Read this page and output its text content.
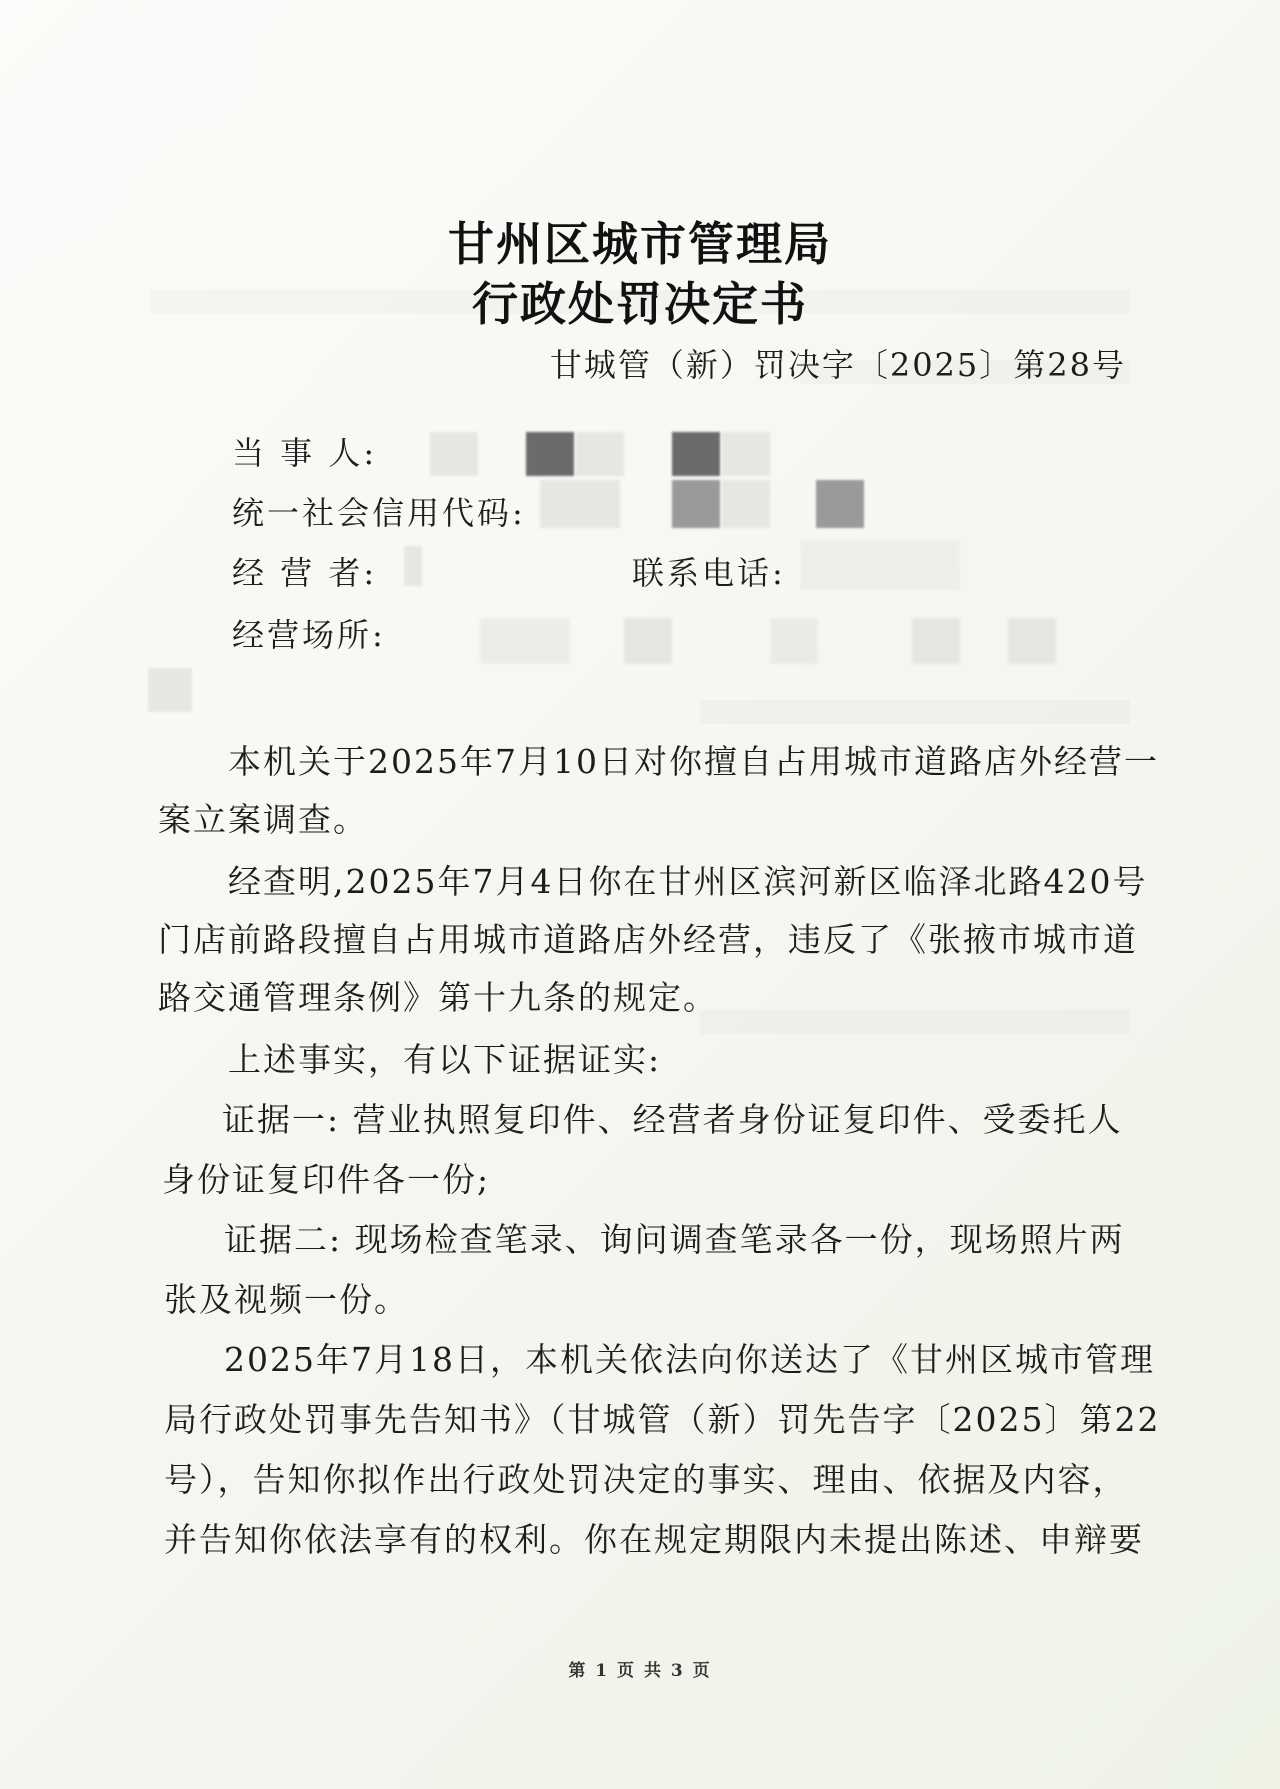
甘州区城市管理局
行政处罚决定书
甘城管（新）罚决字〔2025〕第28号
当 事 人:
统一社会信用代码:
经 营 者:	联系电话:
经营场所:
本机关于2025年7月10日对你擅自占用城市道路店外经营一
案立案调查。
经查明,2025年7月4日你在甘州区滨河新区临泽北路420号
门店前路段擅自占用城市道路店外经营，违反了《张掖市城市道
路交通管理条例》第十九条的规定。
上述事实，有以下证据证实:
证据一: 营业执照复印件、经营者身份证复印件、受委托人
身份证复印件各一份;
证据二: 现场检查笔录、询问调查笔录各一份，现场照片两
张及视频一份。
2025年7月18日，本机关依法向你送达了《甘州区城市管理
局行政处罚事先告知书》（甘城管（新）罚先告字〔2025〕第22
号），告知你拟作出行政处罚决定的事实、理由、依据及内容，
并告知你依法享有的权利。你在规定期限内未提出陈述、申辩要
第 1 页 共 3 页
